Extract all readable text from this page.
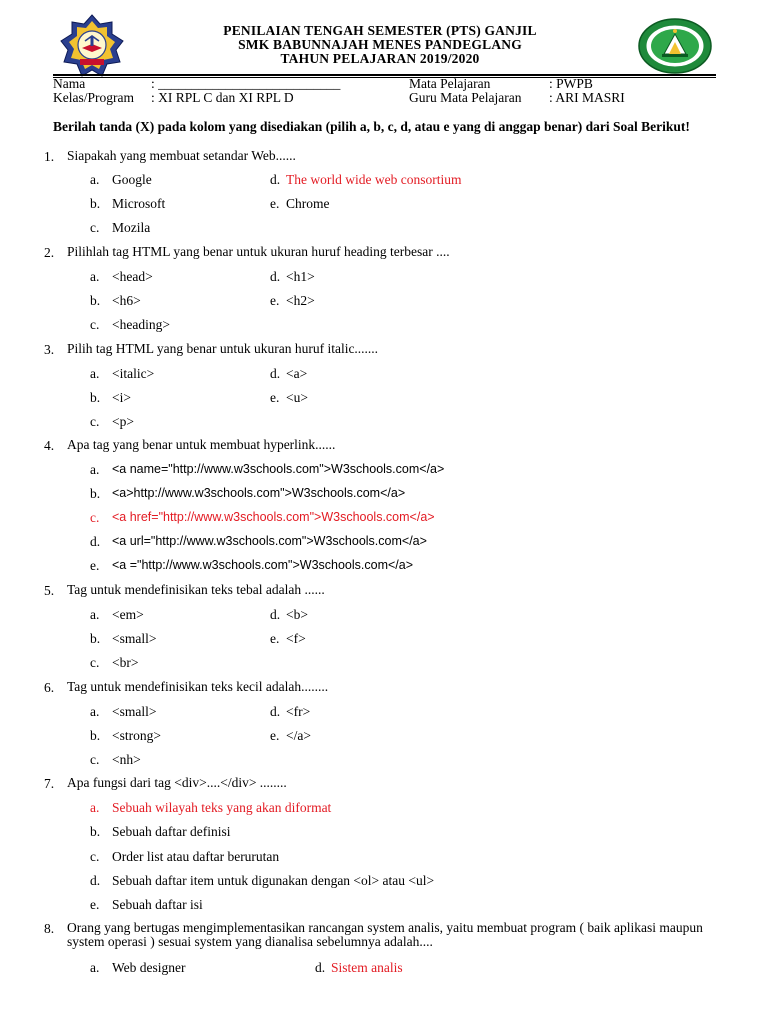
PENILAIAN TENGAH SEMESTER (PTS) GANJIL
SMK BABUNNAJAH MENES PANDEGLANG
TAHUN PELAJARAN 2019/2020
Nama	: ___________________________	Mata Pelajaran	: PWPB
Kelas/Program : XI RPL C dan XI RPL D	Guru Mata Pelajaran : ARI MASRI
Berilah tanda (X) pada kolom yang disediakan (pilih a, b, c, d, atau e yang di anggap benar) dari Soal Berikut!
1. Siapakah yang membuat setandar Web......
a. Google
b. Microsoft
c. Mozila
d. The world wide web consortium
e. Chrome
2. Pilihlah tag HTML yang benar untuk ukuran huruf heading terbesar ....
a. <head>
b. <h6>
c. <heading>
d. <h1>
e. <h2>
3. Pilih tag HTML yang benar untuk ukuran huruf italic.......
a. <italic>
b. <i>
c. <p>
d. <a>
e. <u>
4. Apa tag yang benar untuk membuat hyperlink......
a. <a name="http://www.w3schools.com">W3schools.com</a>
b. <a>http://www.w3schools.com">W3schools.com</a>
c. <a href="http://www.w3schools.com">W3schools.com</a>
d. <a url="http://www.w3schools.com">W3schools.com</a>
e. <a ="http://www.w3schools.com">W3schools.com</a>
5. Tag untuk mendefinisikan teks tebal adalah ......
a. <em>
b. <small>
c. <br>
d. <b>
e. <f>
6. Tag untuk mendefinisikan teks kecil adalah........
a. <small>
b. <strong>
c. <nh>
d. <fr>
e. </a>
7. Apa fungsi dari tag <div>....</div> ........
a. Sebuah wilayah teks yang akan diformat
b. Sebuah daftar definisi
c. Order list atau daftar berurutan
d. Sebuah daftar item untuk digunakan dengan <ol> atau <ul>
e. Sebuah daftar isi
8. Orang yang bertugas mengimplementasikan rancangan system analis, yaitu membuat program ( baik aplikasi maupun system operasi ) sesuai system yang dianalisa sebelumnya adalah....
a. Web designer	d. Sistem analis
